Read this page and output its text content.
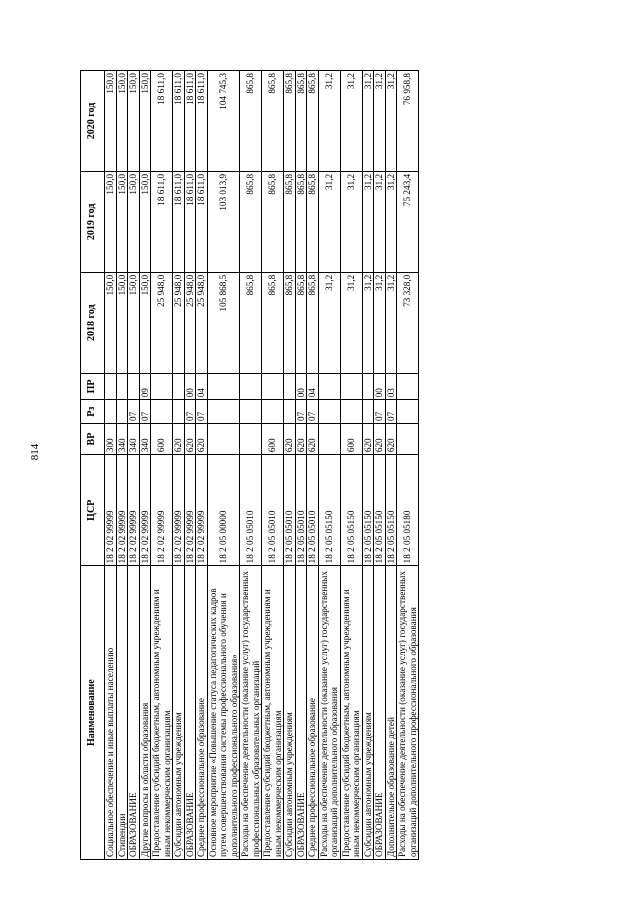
814
Наименование	ЦСР	ВР	Рз	ПР	2018 год	2019 год	2020 год
Социальное обеспечение и иные выплаты населению	18 2 02 99999	300			150,0	150,0	150,0
Стипендии	18 2 02 99999	340			150,0	150,0	150,0
ОБРАЗОВАНИЕ	18 2 02 99999	340	07		150,0	150,0	150,0
Другие вопросы в области образования	18 2 02 99999	340	07	09	150,0	150,0	150,0
Предоставление субсидий бюджетным, автономным учреждениям и иным некоммерческим организациям	18 2 02 99999	600			25 948,0	18 611,0	18 611,0
Субсидии автономным учреждениям	18 2 02 99999	620			25 948,0	18 611,0	18 611,0
ОБРАЗОВАНИЕ	18 2 02 99999	620	07	00	25 948,0	18 611,0	18 611,0
Среднее профессиональное образование	18 2 02 99999	620	07	04	25 948,0	18 611,0	18 611,0
Основное мероприятие «Повышение статуса педагогических кадров путем совершенствования системы профессионального обучения и дополнительного профессионального образования»	18 2 05 00000				105 868,5	103 013,9	104 745,3
Расходы на обеспечение деятельности (оказание услуг) государственных профессиональных образовательных организаций	18 2 05 05010				865,8	865,8	865,8
Предоставление субсидий бюджетным, автономным учреждениям и иным некоммерческим организациям	18 2 05 05010	600			865,8	865,8	865,8
Субсидии автономным учреждениям	18 2 05 05010	620			865,8	865,8	865,8
ОБРАЗОВАНИЕ	18 2 05 05010	620	07	00	865,8	865,8	865,8
Среднее профессиональное образование	18 2 05 05010	620	07	04	865,8	865,8	865,8
Расходы на обеспечение деятельности (оказание услуг) государственных организаций дополнительного образования	18 2 05 05150				31,2	31,2	31,2
Предоставление субсидий бюджетным, автономным учреждениям и иным некоммерческим организациям	18 2 05 05150	600			31,2	31,2	31,2
Субсидии автономным учреждениям	18 2 05 05150	620			31,2	31,2	31,2
ОБРАЗОВАНИЕ	18 2 05 05150	620	07	00	31,2	31,2	31,2
Дополнительное образование детей	18 2 05 05150	620	07	03	31,2	31,2	31,2
Расходы на обеспечение деятельности (оказание услуг) государственных организаций дополнительного профессионального образования	18 2 05 05180				73 328,0	75 243,4	76 958,8
